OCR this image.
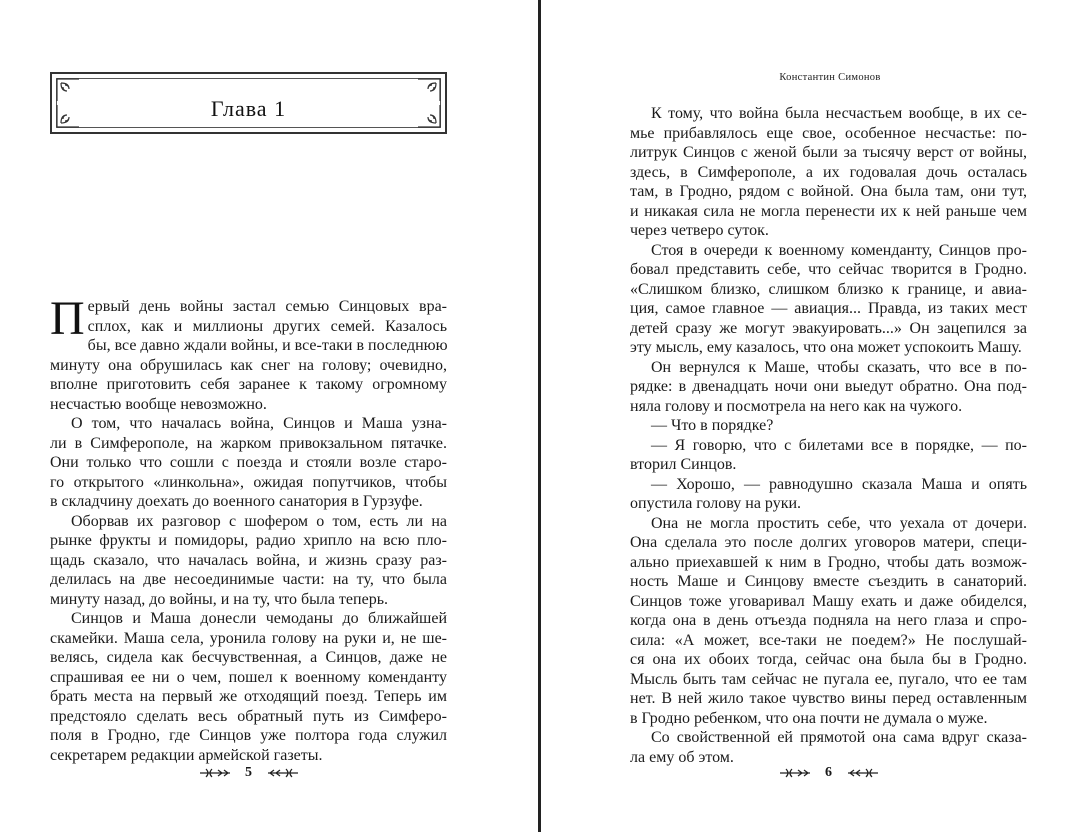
Глава 1
П ервый день войны застал семью Синцовых вра-
сплох, как и миллионы других семей. Казалось
бы, все давно ждали войны, и все-таки в последнюю
минуту она обрушилась как снег на голову; очевидно,
вполне приготовить себя заранее к такому огромному
несчастью вообще невозможно.
О том, что началась война, Синцов и Маша узна-
ли в Симферополе, на жарком привокзальном пятачке.
Они только что сошли с поезда и стояли возле старо-
го открытого «линкольна», ожидая попутчиков, чтобы
в складчину доехать до военного санатория в Гурзуфе.
Оборвав их разговор с шофером о том, есть ли на
рынке фрукты и помидоры, радио хрипло на всю пло-
щадь сказало, что началась война, и жизнь сразу раз-
делилась на две несоединимые части: на ту, что была
минуту назад, до войны, и на ту, что была теперь.
Синцов и Маша донесли чемоданы до ближайшей
скамейки. Маша села, уронила голову на руки и, не ше-
велясь, сидела как бесчувственная, а Синцов, даже не
спрашивая ее ни о чем, пошел к военному коменданту
брать места на первый же отходящий поезд. Теперь им
предстояло сделать весь обратный путь из Симферо-
поля в Гродно, где Синцов уже полтора года служил
секретарем редакции армейской газеты.
5
Константин Симонов
К тому, что война была несчастьем вообще, в их се-
мье прибавлялось еще свое, особенное несчастье: по-
литрук Синцов с женой были за тысячу верст от войны,
здесь, в Симферополе, а их годовалая дочь осталась
там, в Гродно, рядом с войной. Она была там, они тут,
и никакая сила не могла перенести их к ней раньше чем
через четверо суток.
Стоя в очереди к военному коменданту, Синцов про-
бовал представить себе, что сейчас творится в Гродно.
«Слишком близко, слишком близко к границе, и авиа-
ция, самое главное — авиация... Правда, из таких мест
детей сразу же могут эвакуировать...» Он зацепился за
эту мысль, ему казалось, что она может успокоить Машу.
Он вернулся к Маше, чтобы сказать, что все в по-
рядке: в двенадцать ночи они выедут обратно. Она под-
няла голову и посмотрела на него как на чужого.
— Что в порядке?
— Я говорю, что с билетами все в порядке, — по-
вторил Синцов.
— Хорошо, — равнодушно сказала Маша и опять
опустила голову на руки.
Она не могла простить себе, что уехала от дочери.
Она сделала это после долгих уговоров матери, специ-
ально приехавшей к ним в Гродно, чтобы дать возмож-
ность Маше и Синцову вместе съездить в санаторий.
Синцов тоже уговаривал Машу ехать и даже обиделся,
когда она в день отъезда подняла на него глаза и спро-
сила: «А может, все-таки не поедем?» Не послушай-
ся она их обоих тогда, сейчас она была бы в Гродно.
Мысль быть там сейчас не пугала ее, пугало, что ее там
нет. В ней жило такое чувство вины перед оставленным
в Гродно ребенком, что она почти не думала о муже.
Со свойственной ей прямотой она сама вдруг сказа-
ла ему об этом.
6
